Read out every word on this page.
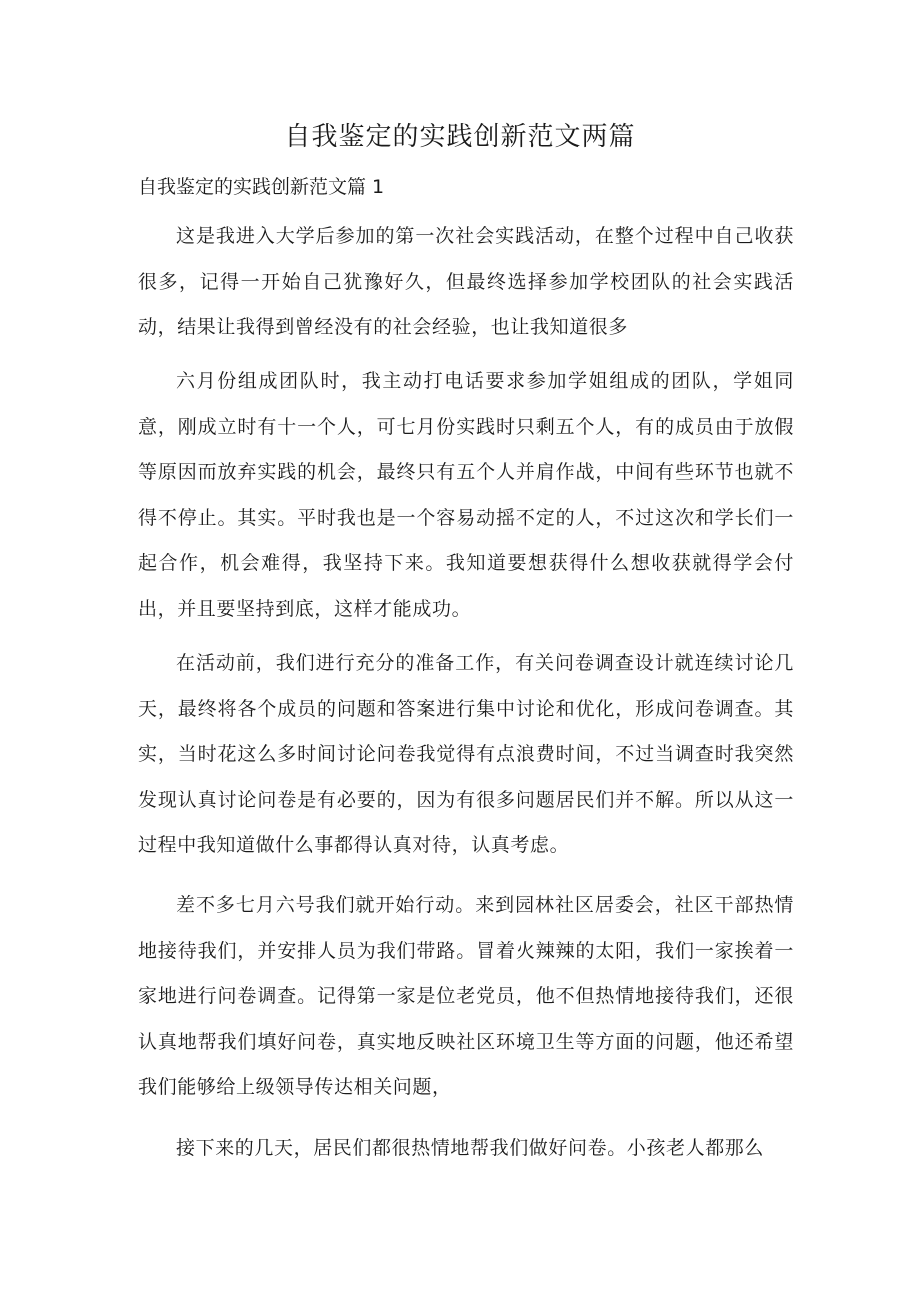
自我鉴定的实践创新范文两篇
自我鉴定的实践创新范文篇 1

这是我进入大学后参加的第一次社会实践活动，在整个过程中自己收获很多，记得一开始自己犹豫好久，但最终选择参加学校团队的社会实践活动，结果让我得到曾经没有的社会经验，也让我知道很多

六月份组成团队时，我主动打电话要求参加学姐组成的团队，学姐同意，刚成立时有十一个人，可七月份实践时只剩五个人，有的成员由于放假等原因而放弃实践的机会，最终只有五个人并肩作战，中间有些环节也就不得不停止。其实。平时我也是一个容易动摇不定的人，不过这次和学长们一起合作，机会难得，我坚持下来。我知道要想获得什么想收获就得学会付出，并且要坚持到底，这样才能成功。

在活动前，我们进行充分的准备工作，有关问卷调查设计就连续讨论几天，最终将各个成员的问题和答案进行集中讨论和优化，形成问卷调查。其实，当时花这么多时间讨论问卷我觉得有点浪费时间，不过当调查时我突然发现认真讨论问卷是有必要的，因为有很多问题居民们并不解。所以从这一过程中我知道做什么事都得认真对待，认真考虑。

差不多七月六号我们就开始行动。来到园林社区居委会，社区干部热情地接待我们，并安排人员为我们带路。冒着火辣辣的太阳，我们一家挨着一家地进行问卷调查。记得第一家是位老党员，他不但热情地接待我们，还很认真地帮我们填好问卷，真实地反映社区环境卫生等方面的问题，他还希望我们能够给上级领导传达相关问题，

接下来的几天，居民们都很热情地帮我们做好问卷。小孩老人都那么
